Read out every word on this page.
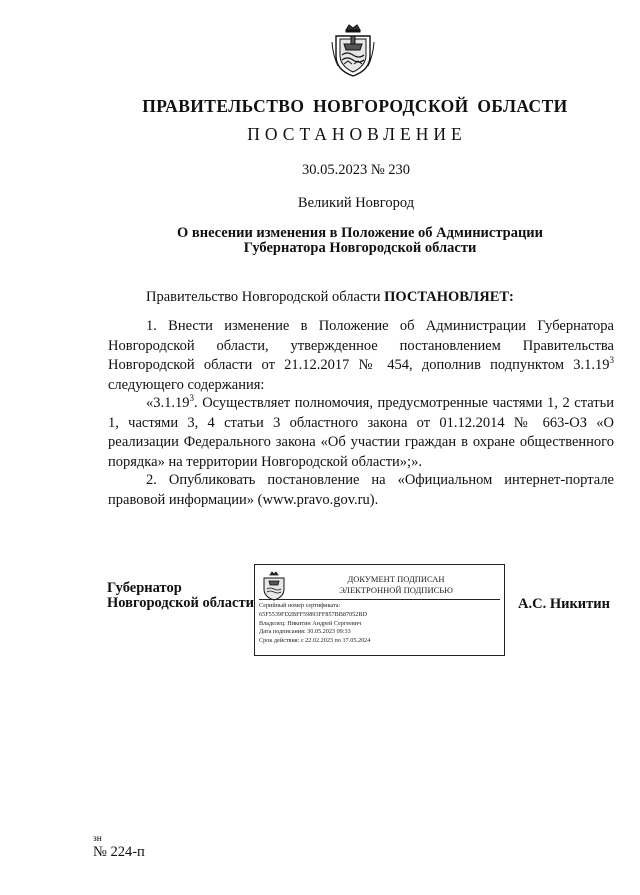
ПРАВИТЕЛЬСТВО НОВГОРОДСКОЙ ОБЛАСТИ
ПОСТАНОВЛЕНИЕ
30.05.2023 № 230
Великий Новгород
О внесении изменения в Положение об Администрации
Губернатора Новгородской области
Правительство Новгородской области ПОСТАНОВЛЯЕТ:
1. Внести изменение в Положение об Администрации Губернатора Новгородской области, утвержденное постановлением Правительства Новгородской области от 21.12.2017 № 454, дополнив подпунктом 3.1.19$^3$ следующего содержания:
«3.1.19$^3$. Осуществляет полномочия, предусмотренные частями 1, 2 статьи 1, частями 3, 4 статьи 3 областного закона от 01.12.2014 № 663-ОЗ «О реализации Федерального закона «Об участии граждан в охране общественного порядка» на территории Новгородской области»;».
2. Опубликовать постановление на «Официальном интернет-портале правовой информации» (www.pravo.gov.ru).
Губернатор
Новгородской области
ДОКУМЕНТ ПОДПИСАН
ЭЛЕКТРОННОЙ ПОДПИСЬЮ
Серийный номер сертификата:
65F5539FD2BFF59893FF857BB87052BD
Владелец: Никитин Андрей Сергеевич
Дата подписания: 30.05.2023 09:33
Срок действия: с 22.02.2023 по 17.05.2024
А.С. Никитин
зн
№ 224-п
